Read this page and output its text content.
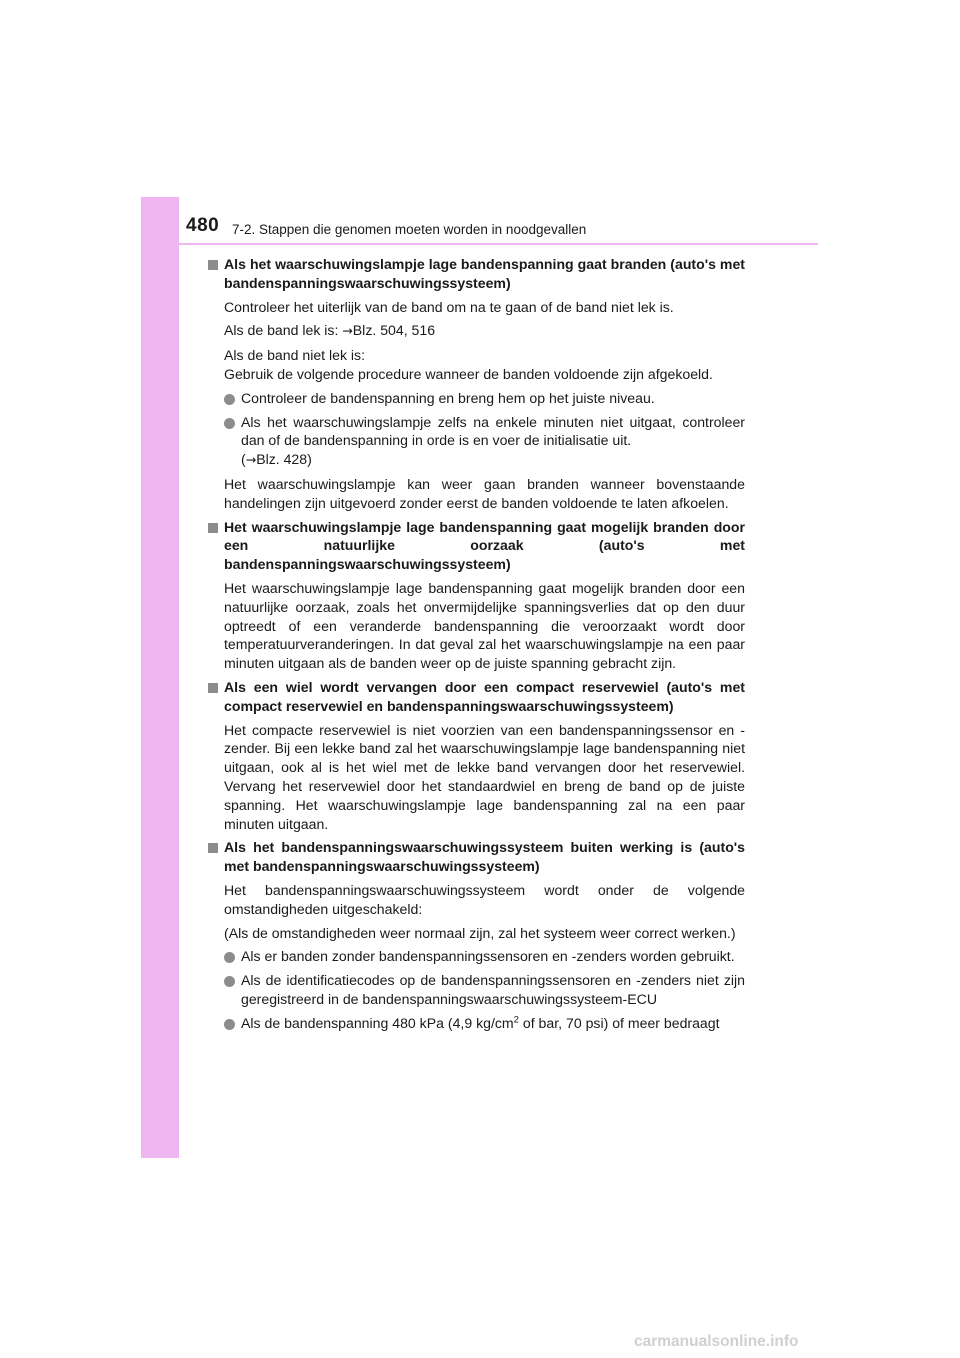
480 7-2. Stappen die genomen moeten worden in noodgevallen
Als het waarschuwingslampje lage bandenspanning gaat branden (auto's met bandenspanningswaarschuwingssysteem)
Controleer het uiterlijk van de band om na te gaan of de band niet lek is.
Als de band lek is: →Blz. 504, 516
Als de band niet lek is:
Gebruik de volgende procedure wanneer de banden voldoende zijn afgekoeld.
Controleer de bandenspanning en breng hem op het juiste niveau.
Als het waarschuwingslampje zelfs na enkele minuten niet uitgaat, controleer dan of de bandenspanning in orde is en voer de initialisatie uit.
(→Blz. 428)
Het waarschuwingslampje kan weer gaan branden wanneer bovenstaande handelingen zijn uitgevoerd zonder eerst de banden voldoende te laten afkoelen.
Het waarschuwingslampje lage bandenspanning gaat mogelijk branden door een natuurlijke oorzaak (auto's met bandenspanningswaarschuwingssysteem)
Het waarschuwingslampje lage bandenspanning gaat mogelijk branden door een natuurlijke oorzaak, zoals het onvermijdelijke spanningsverlies dat op den duur optreedt of een veranderde bandenspanning die veroorzaakt wordt door temperatuurveranderingen. In dat geval zal het waarschuwingslampje na een paar minuten uitgaan als de banden weer op de juiste spanning gebracht zijn.
Als een wiel wordt vervangen door een compact reservewiel (auto's met compact reservewiel en bandenspanningswaarschuwingssysteem)
Het compacte reservewiel is niet voorzien van een bandenspanningssensor en -zender. Bij een lekke band zal het waarschuwingslampje lage bandenspanning niet uitgaan, ook al is het wiel met de lekke band vervangen door het reservewiel. Vervang het reservewiel door het standaardwiel en breng de band op de juiste spanning. Het waarschuwingslampje lage bandenspanning zal na een paar minuten uitgaan.
Als het bandenspanningswaarschuwingssysteem buiten werking is (auto's met bandenspanningswaarschuwingssysteem)
Het bandenspanningswaarschuwingssysteem wordt onder de volgende omstandigheden uitgeschakeld:
(Als de omstandigheden weer normaal zijn, zal het systeem weer correct werken.)
Als er banden zonder bandenspanningssensoren en -zenders worden gebruikt.
Als de identificatiecodes op de bandenspanningssensoren en -zenders niet zijn geregistreerd in de bandenspanningswaarschuwingssysteem-ECU
Als de bandenspanning 480 kPa (4,9 $kg/cm^2$ of bar, 70 psi) of meer bedraagt
carmanualsonline.info
